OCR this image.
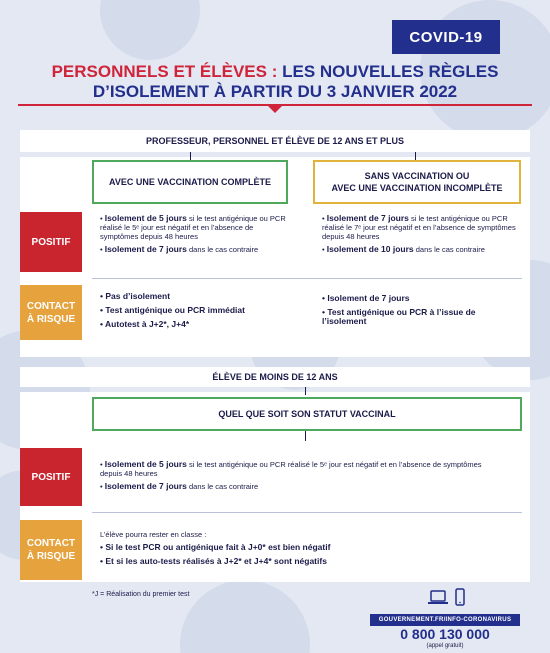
COVID-19
PERSONNELS ET ÉLÈVES : LES NOUVELLES RÈGLES
D’ISOLEMENT À PARTIR DU 3 JANVIER 2022
PROFESSEUR, PERSONNEL ET ÉLÈVE DE 12 ANS ET PLUS
AVEC UNE VACCINATION COMPLÈTE
SANS VACCINATION OU
AVEC UNE VACCINATION INCOMPLÈTE
POSITIF
CONTACT
À RISQUE

• Isolement de 5 jours si le test antigénique ou PCR réalisé le 5ᵉ jour est négatif et en l’absence de symptômes depuis 48 heures

• Isolement de 7 jours dans le cas contraire

• Isolement de 7 jours si le test antigénique ou PCR réalisé le 7ᵉ jour est négatif et en l’absence de symptômes depuis 48 heures

• Isolement de 10 jours dans le cas contraire

• Pas d’isolement
• Test antigénique ou PCR immédiat
• Autotest à J+2*, J+4*
• Isolement de 7 jours
• Test antigénique ou PCR à l’issue de l’isolement
ÉLÈVE DE MOINS DE 12 ANS
QUEL QUE SOIT SON STATUT VACCINAL
POSITIF
CONTACT
À RISQUE

• Isolement de 5 jours si le test antigénique ou PCR réalisé le 5ᵉ jour est négatif et en l’absence de symptômes depuis 48 heures

• Isolement de 7 jours dans le cas contraire

L’élève pourra rester en classe :

• Si le test PCR ou antigénique fait à J+0* est bien négatif
• Et si les auto-tests réalisés à J+2* et J+4* sont négatifs
*J = Réalisation du premier test
GOUVERNEMENT.FR/INFO-CORONAVIRUS
0 800 130 000
(appel gratuit)
